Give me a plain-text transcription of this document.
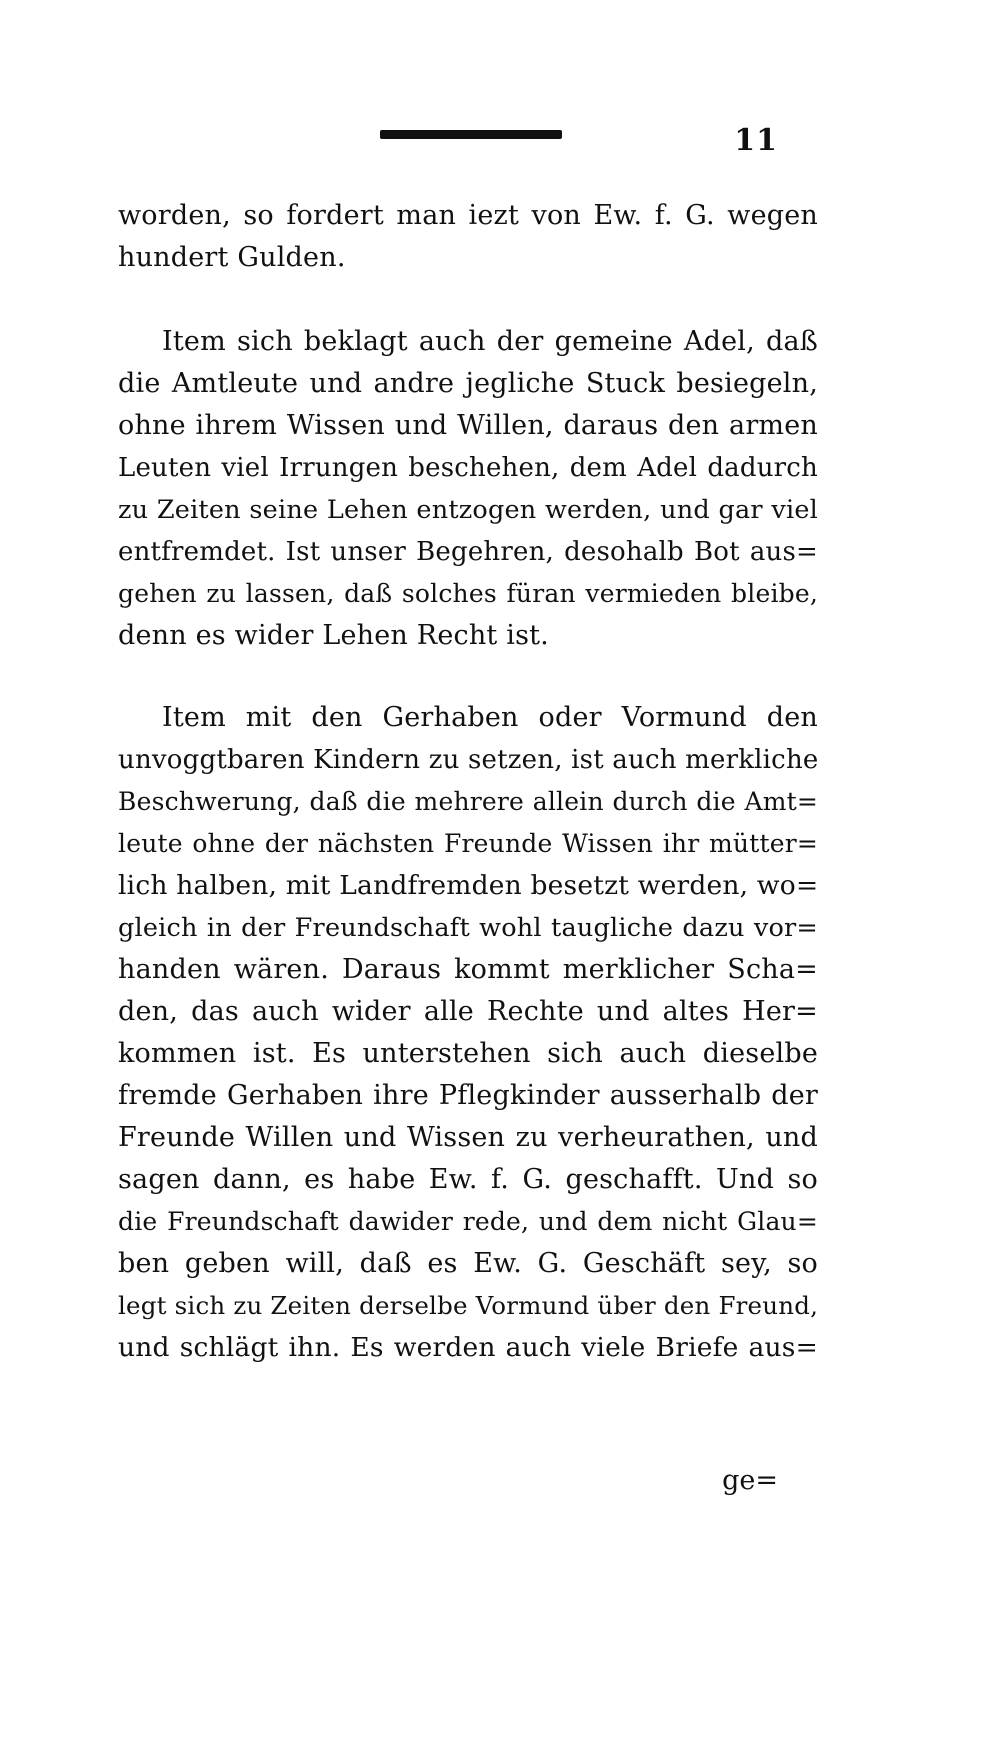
11
worden, so fordert man iezt von Ew. f. G. wegen
hundert Gulden.
Item sich beklagt auch der gemeine Adel, daß
die Amtleute und andre jegliche Stuck besiegeln,
ohne ihrem Wissen und Willen, daraus den armen
Leuten viel Irrungen beschehen, dem Adel dadurch
zu Zeiten seine Lehen entzogen werden, und gar viel
entfremdet. Ist unser Begehren, desohalb Bot aus=
gehen zu lassen, daß solches füran vermieden bleibe,
denn es wider Lehen Recht ist.
Item mit den Gerhaben oder Vormund den
unvoggtbaren Kindern zu setzen, ist auch merkliche
Beschwerung, daß die mehrere allein durch die Amt=
leute ohne der nächsten Freunde Wissen ihr mütter=
lich halben, mit Landfremden besetzt werden, wo=
gleich in der Freundschaft wohl taugliche dazu vor=
handen wären. Daraus kommt merklicher Scha=
den, das auch wider alle Rechte und altes Her=
kommen ist. Es unterstehen sich auch dieselbe
fremde Gerhaben ihre Pflegkinder ausserhalb der
Freunde Willen und Wissen zu verheurathen, und
sagen dann, es habe Ew. f. G. geschafft. Und so
die Freundschaft dawider rede, und dem nicht Glau=
ben geben will, daß es Ew. G. Geschäft sey, so
legt sich zu Zeiten derselbe Vormund über den Freund,
und schlägt ihn. Es werden auch viele Briefe aus=
ge=
